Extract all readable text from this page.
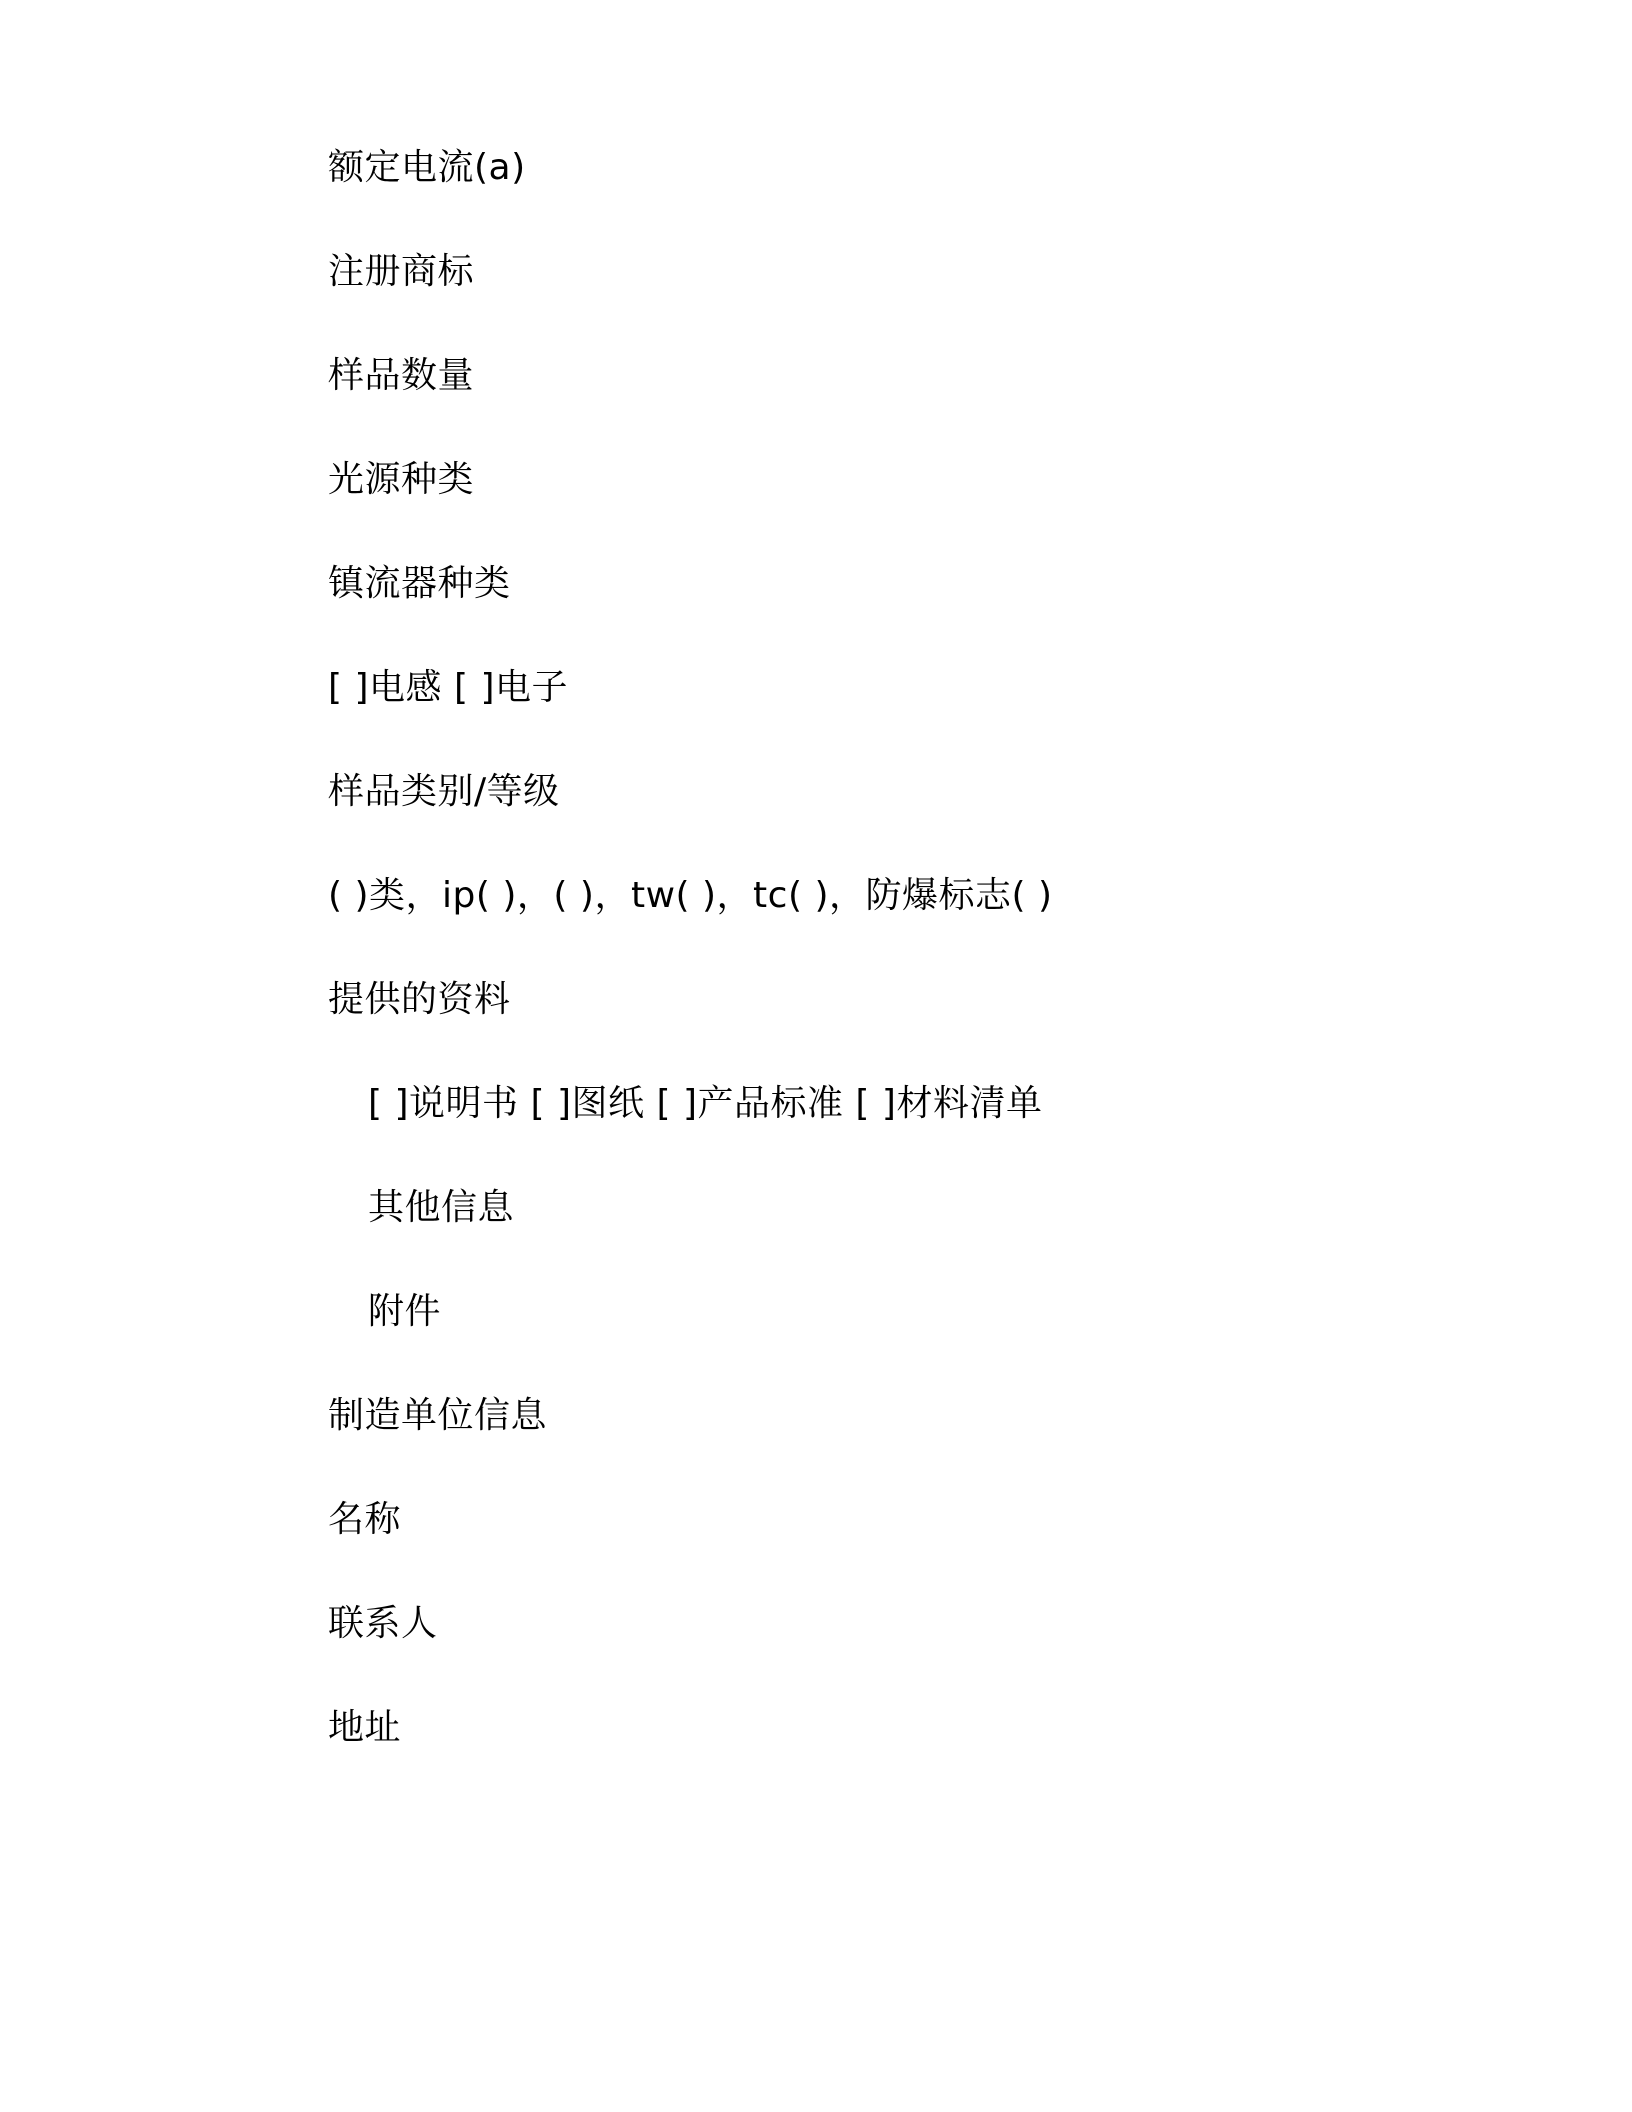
额定电流(a)

注册商标

样品数量

光源种类

镇流器种类

[ ]电感 [ ]电子

样品类别/等级

( )类，ip( )，( )，tw( )，tc( )，防爆标志( )

提供的资料

[ ]说明书 [ ]图纸 [ ]产品标准 [ ]材料清单

其他信息

附件

制造单位信息

名称

联系人

地址
